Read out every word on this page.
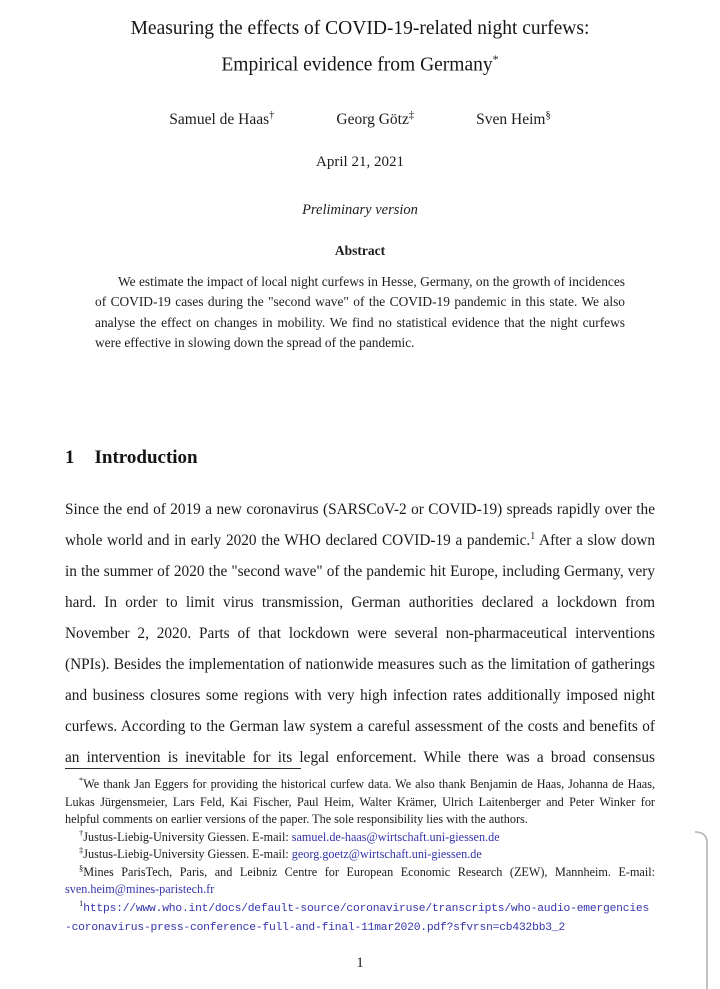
Measuring the effects of COVID-19-related night curfews:
Empirical evidence from Germany*
Samuel de Haas†	Georg Götz‡	Sven Heim§
April 21, 2021
Preliminary version
Abstract

We estimate the impact of local night curfews in Hesse, Germany, on the growth of incidences of COVID-19 cases during the "second wave" of the COVID-19 pandemic in this state. We also analyse the effect on changes in mobility. We find no statistical evidence that the night curfews were effective in slowing down the spread of the pandemic.

1 Introduction

Since the end of 2019 a new coronavirus (SARSCoV-2 or COVID-19) spreads rapidly over the whole world and in early 2020 the WHO declared COVID-19 a pandemic.$^1$ After a slow down in the summer of 2020 the "second wave" of the pandemic hit Europe, including Germany, very hard. In order to limit virus transmission, German authorities declared a lockdown from November 2, 2020. Parts of that lockdown were several non-pharmaceutical interventions (NPIs). Besides the implementation of nationwide measures such as the limitation of gatherings and business closures some regions with very high infection rates additionally imposed night curfews. According to the German law system a careful assessment of the costs and benefits of an intervention is inevitable for its legal enforcement. While there was a broad consensus

*We thank Jan Eggers for providing the historical curfew data. We also thank Benjamin de Haas, Johanna de Haas, Lukas Jürgensmeier, Lars Feld, Kai Fischer, Paul Heim, Walter Krämer, Ulrich Laitenberger and Peter Winker for helpful comments on earlier versions of the paper. The sole responsibility lies with the authors.

†Justus-Liebig-University Giessen. E-mail: samuel.de-haas@wirtschaft.uni-giessen.de

‡Justus-Liebig-University Giessen. E-mail: georg.goetz@wirtschaft.uni-giessen.de

§Mines ParisTech, Paris, and Leibniz Centre for European Economic Research (ZEW), Mannheim. E-mail: sven.heim@mines-paristech.fr

$^1$https://www.who.int/docs/default-source/coronaviruse/transcripts/who-audio-emergencies-coronavirus-press-conference-full-and-final-11mar2020.pdf?sfvrsn=cb432bb3_2

1
